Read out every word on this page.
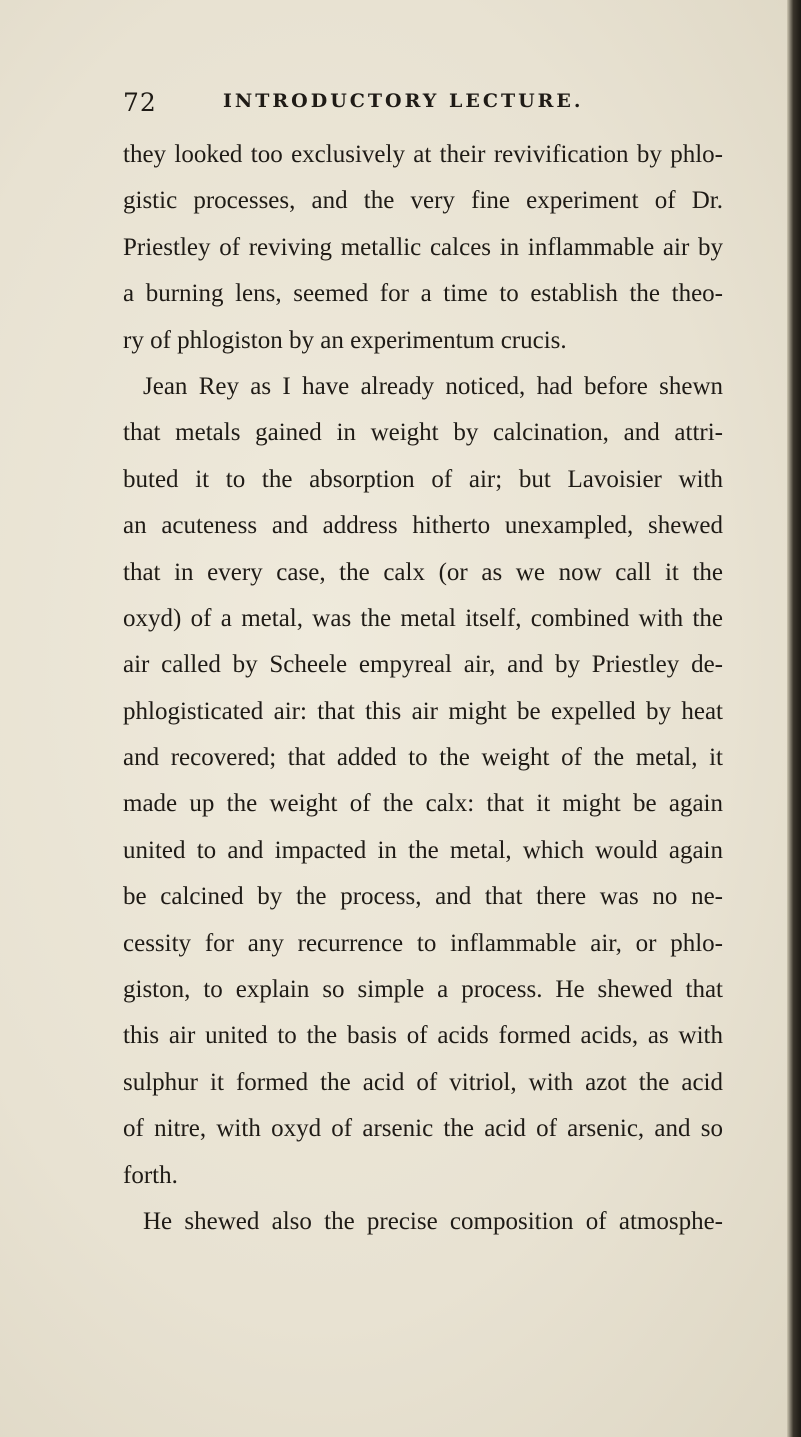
72	INTRODUCTORY LECTURE.
they looked too exclusively at their revivification by phlo-
gistic processes, and the very fine experiment of Dr.
Priestley of reviving metallic calces in inflammable air by
a burning lens, seemed for a time to establish the theo-
ry of phlogiston by an experimentum crucis.
Jean Rey as I have already noticed, had before shewn
that metals gained in weight by calcination, and attri-
buted it to the absorption of air; but Lavoisier with
an acuteness and address hitherto unexampled, shewed
that in every case, the calx (or as we now call it the
oxyd) of a metal, was the metal itself, combined with the
air called by Scheele empyreal air, and by Priestley de-
phlogisticated air: that this air might be expelled by heat
and recovered; that added to the weight of the metal, it
made up the weight of the calx: that it might be again
united to and impacted in the metal, which would again
be calcined by the process, and that there was no ne-
cessity for any recurrence to inflammable air, or phlo-
giston, to explain so simple a process. He shewed that
this air united to the basis of acids formed acids, as with
sulphur it formed the acid of vitriol, with azot the acid
of nitre, with oxyd of arsenic the acid of arsenic, and so
forth.
He shewed also the precise composition of atmosphe-
